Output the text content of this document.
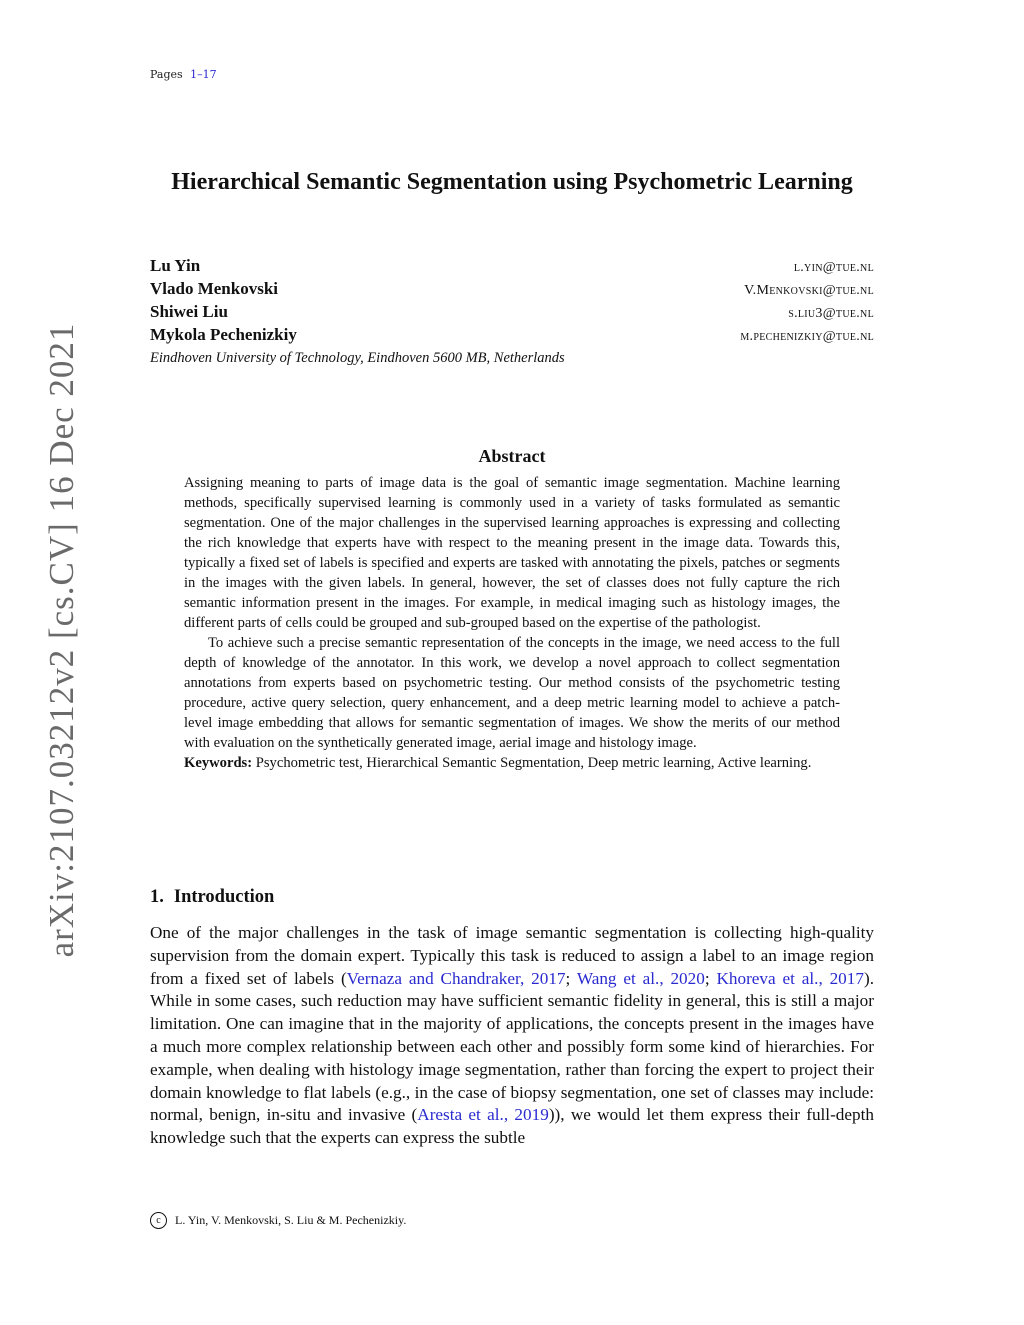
Pages 1–17
arXiv:2107.03212v2 [cs.CV] 16 Dec 2021
Hierarchical Semantic Segmentation using Psychometric Learning
Lu Yin	l.yin@tue.nl
Vlado Menkovski	V.Menkovski@tue.nl
Shiwei Liu	s.liu3@tue.nl
Mykola Pechenizkiy	m.pechenizkiy@tue.nl
Eindhoven University of Technology, Eindhoven 5600 MB, Netherlands
Abstract

Assigning meaning to parts of image data is the goal of semantic image segmentation. Machine learning methods, specifically supervised learning is commonly used in a variety of tasks formulated as semantic segmentation. One of the major challenges in the supervised learning approaches is expressing and collecting the rich knowledge that experts have with respect to the meaning present in the image data. Towards this, typically a fixed set of labels is specified and experts are tasked with annotating the pixels, patches or segments in the images with the given labels. In general, however, the set of classes does not fully capture the rich semantic information present in the images. For example, in medical imaging such as histology images, the different parts of cells could be grouped and sub-grouped based on the expertise of the pathologist.

To achieve such a precise semantic representation of the concepts in the image, we need access to the full depth of knowledge of the annotator. In this work, we develop a novel approach to collect segmentation annotations from experts based on psychometric testing. Our method consists of the psychometric testing procedure, active query selection, query enhancement, and a deep metric learning model to achieve a patch-level image embedding that allows for semantic segmentation of images. We show the merits of our method with evaluation on the synthetically generated image, aerial image and histology image.

Keywords: Psychometric test, Hierarchical Semantic Segmentation, Deep metric learning, Active learning.

1. Introduction

One of the major challenges in the task of image semantic segmentation is collecting high-quality supervision from the domain expert. Typically this task is reduced to assign a label to an image region from a fixed set of labels (Vernaza and Chandraker, 2017; Wang et al., 2020; Khoreva et al., 2017). While in some cases, such reduction may have sufficient semantic fidelity in general, this is still a major limitation. One can imagine that in the majority of applications, the concepts present in the images have a much more complex relationship between each other and possibly form some kind of hierarchies. For example, when dealing with histology image segmentation, rather than forcing the expert to project their domain knowledge to flat labels (e.g., in the case of biopsy segmentation, one set of classes may include: normal, benign, in-situ and invasive (Aresta et al., 2019)), we would let them express their full-depth knowledge such that the experts can express the subtle

c	L. Yin, V. Menkovski, S. Liu & M. Pechenizkiy.
